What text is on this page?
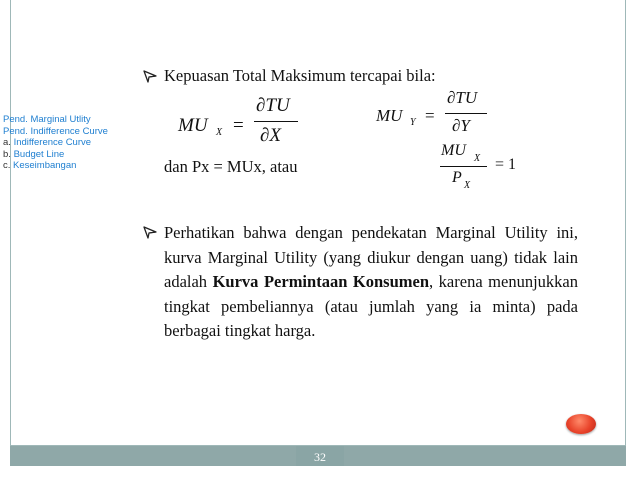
Pend. Marginal Utlity
Pend. Indifference Curve
a. Indifference Curve
b. Budget Line
c. Keseimbangan
Kepuasan Total Maksimum tercapai bila:
MU X =
∂TU
∂X
MU Y =
∂TU
∂Y
dan Px = MUx, atau
MU X
P X
= 1
Perhatikan bahwa dengan pendekatan Marginal Utility ini, kurva Marginal Utility (yang diukur dengan uang) tidak lain adalah Kurva Permintaan Konsumen, karena menunjukkan tingkat pembeliannya (atau jumlah yang ia minta) pada berbagai tingkat harga.
32
